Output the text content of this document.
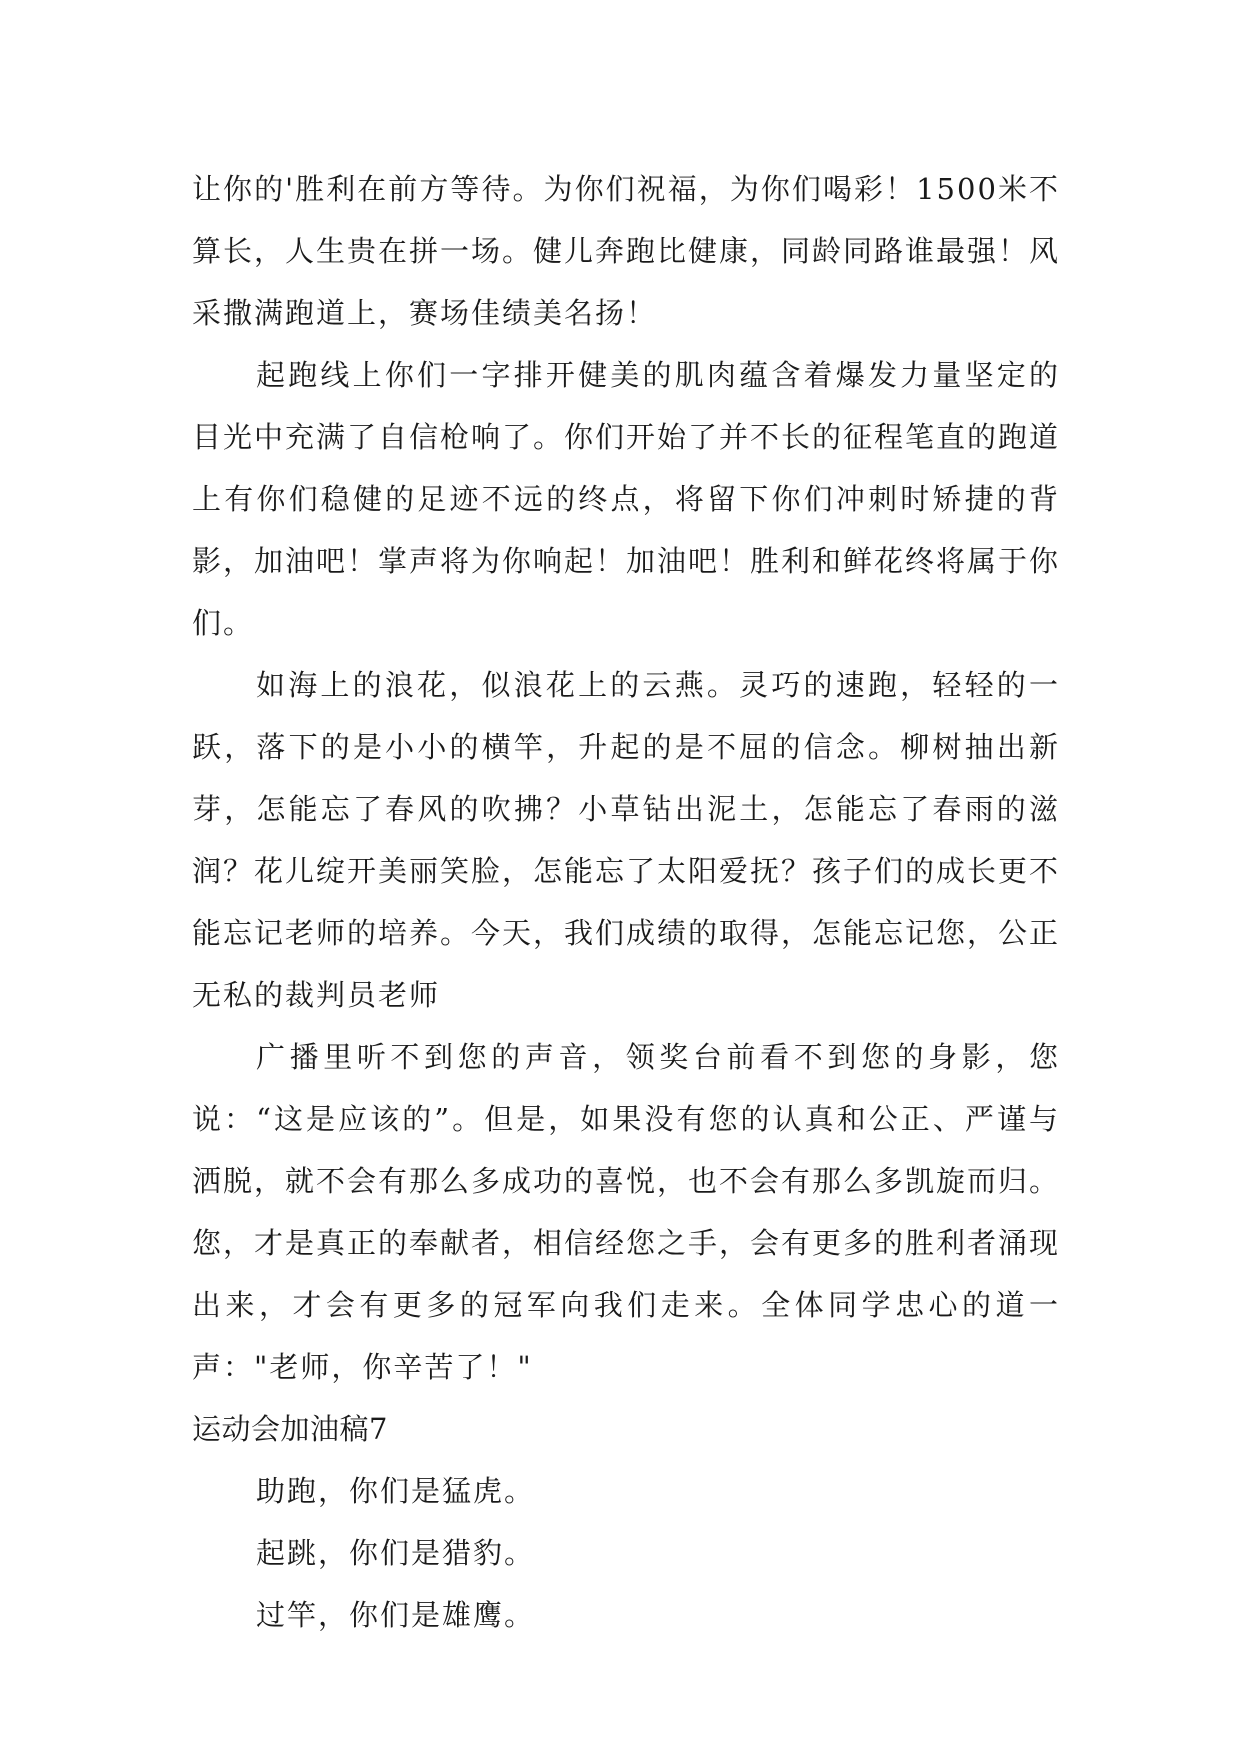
让你的'胜利在前方等待。为你们祝福，为你们喝彩！1500米不算长，人生贵在拼一场。健儿奔跑比健康，同龄同路谁最强！风采撒满跑道上，赛场佳绩美名扬！

起跑线上你们一字排开健美的肌肉蕴含着爆发力量坚定的目光中充满了自信枪响了。你们开始了并不长的征程笔直的跑道上有你们稳健的足迹不远的终点，将留下你们冲刺时矫捷的背影，加油吧！掌声将为你响起！加油吧！胜利和鲜花终将属于你们。

如海上的浪花，似浪花上的云燕。灵巧的速跑，轻轻的一跃，落下的是小小的横竿，升起的是不屈的信念。柳树抽出新芽，怎能忘了春风的吹拂？小草钻出泥土，怎能忘了春雨的滋润？花儿绽开美丽笑脸，怎能忘了太阳爱抚？孩子们的成长更不能忘记老师的培养。今天，我们成绩的取得，怎能忘记您，公正无私的裁判员老师

广播里听不到您的声音，领奖台前看不到您的身影，您说：“这是应该的”。但是，如果没有您的认真和公正、严谨与洒脱，就不会有那么多成功的喜悦，也不会有那么多凯旋而归。您，才是真正的奉献者，相信经您之手，会有更多的胜利者涌现出来，才会有更多的冠军向我们走来。全体同学忠心的道一声："老师，你辛苦了！"

运动会加油稿7

助跑，你们是猛虎。

起跳，你们是猎豹。

过竿，你们是雄鹰。
